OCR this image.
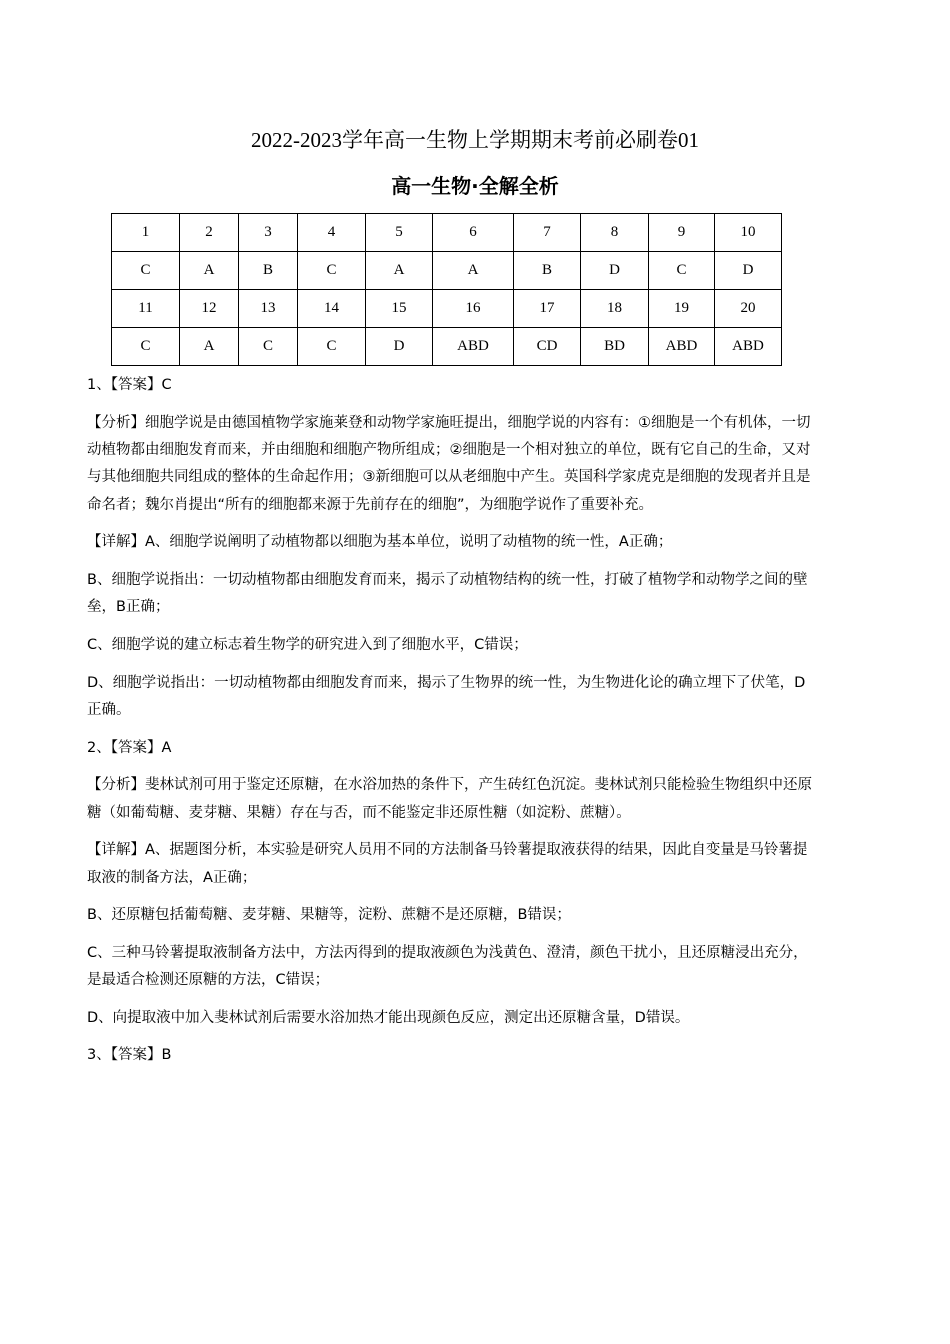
2022-2023学年高一生物上学期期末考前必刷卷01
高一生物·全解全析
1	2	3	4	5	6	7	8	9	10
C	A	B	C	A	A	B	D	C	D
11	12	13	14	15	16	17	18	19	20
C	A	C	C	D	ABD	CD	BD	ABD	ABD

1、【答案】C

【分析】细胞学说是由德国植物学家施莱登和动物学家施旺提出，细胞学说的内容有：①细胞是一个有机体，一切动植物都由细胞发育而来，并由细胞和细胞产物所组成；②细胞是一个相对独立的单位，既有它自己的生命，又对与其他细胞共同组成的整体的生命起作用；③新细胞可以从老细胞中产生。英国科学家虎克是细胞的发现者并且是命名者；魏尔肖提出“所有的细胞都来源于先前存在的细胞”，为细胞学说作了重要补充。

【详解】A、细胞学说阐明了动植物都以细胞为基本单位，说明了动植物的统一性，A正确；

B、细胞学说指出：一切动植物都由细胞发育而来，揭示了动植物结构的统一性，打破了植物学和动物学之间的壁垒，B正确；

C、细胞学说的建立标志着生物学的研究进入到了细胞水平，C错误；

D、细胞学说指出：一切动植物都由细胞发育而来，揭示了生物界的统一性，为生物进化论的确立埋下了伏笔，D正确。

2、【答案】A

【分析】斐林试剂可用于鉴定还原糖，在水浴加热的条件下，产生砖红色沉淀。斐林试剂只能检验生物组织中还原糖（如葡萄糖、麦芽糖、果糖）存在与否，而不能鉴定非还原性糖（如淀粉、蔗糖）。

【详解】A、据题图分析，本实验是研究人员用不同的方法制备马铃薯提取液获得的结果，因此自变量是马铃薯提取液的制备方法，A正确；

B、还原糖包括葡萄糖、麦芽糖、果糖等，淀粉、蔗糖不是还原糖，B错误；

C、三种马铃薯提取液制备方法中，方法丙得到的提取液颜色为浅黄色、澄清，颜色干扰小，且还原糖浸出充分，是最适合检测还原糖的方法，C错误；

D、向提取液中加入斐林试剂后需要水浴加热才能出现颜色反应，测定出还原糖含量，D错误。

3、【答案】B
